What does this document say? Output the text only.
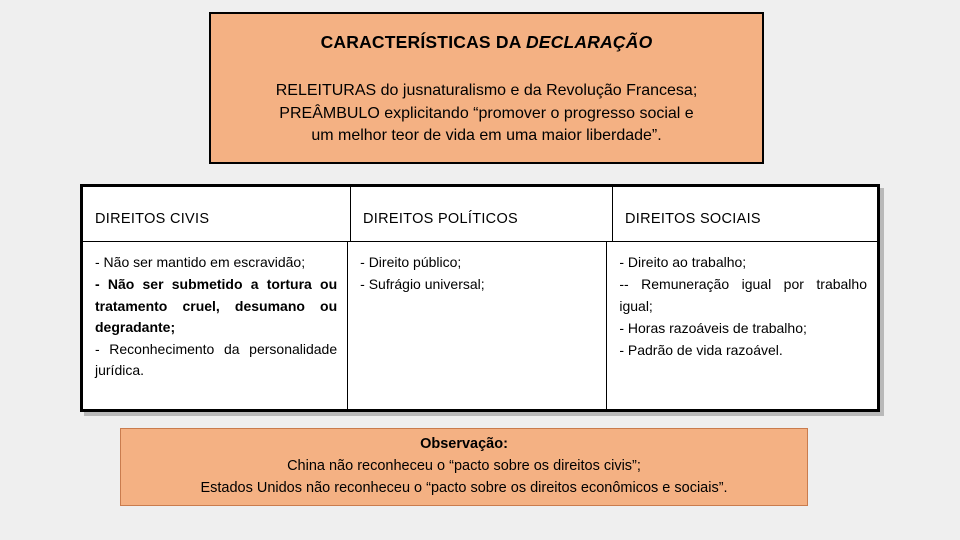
CARACTERÍSTICAS DA DECLARAÇÃO
RELEITURAS do jusnaturalismo e da Revolução Francesa;
PREÂMBULO explicitando “promover o progresso social e
um melhor teor de vida em uma maior liberdade”.
DIREITOS CIVIS	DIREITOS POLÍTICOS	DIREITOS SOCIAIS
- Não ser mantido em escravidão;
- Não ser submetido a tortura ou tratamento cruel, desumano ou degradante;
- Reconhecimento da personalidade jurídica.
- Direito público;
- Sufrágio universal;
- Direito ao trabalho;
-- Remuneração igual por trabalho igual;
- Horas razoáveis de trabalho;
- Padrão de vida razoável.
Observação:
China não reconheceu o “pacto sobre os direitos civis”;
Estados Unidos não reconheceu o “pacto sobre os direitos econômicos e sociais”.
